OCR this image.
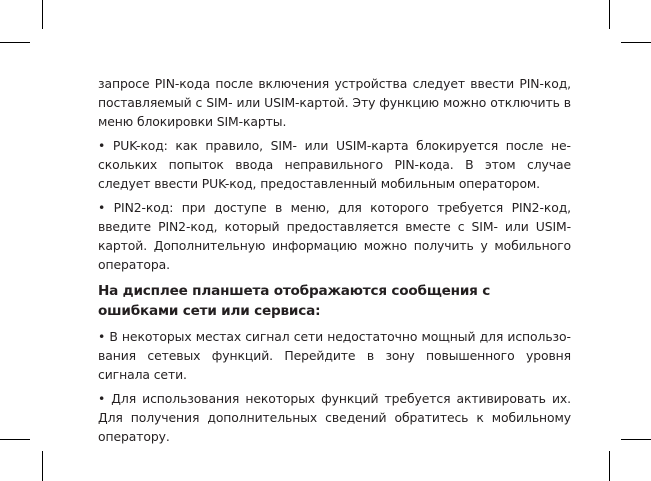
запросе PIN-кода после включения устройства следует ввести PIN-код, поставляемый с SIM- или USIM-картой. Эту функцию можно отключить в меню блокировки SIM-карты.

• PUK-код: как правило, SIM- или USIM-карта блокируется после нескольких попыток ввода неправильного PIN-кода. В этом случае следует ввести PUK-код, предоставленный мобильным оператором.

• PIN2-код: при доступе в меню, для которого требуется PIN2-код, введите PIN2-код, который предоставляется вместе с SIM- или USIM-картой. Дополнительную информацию можно получить у мобильного оператора.

На дисплее планшета отображаются сообщения с ошибками сети или сервиса:

• В некоторых местах сигнал сети недостаточно мощный для использования сетевых функций. Перейдите в зону повышенного уровня сигнала сети.

• Для использования некоторых функций требуется активировать их. Для получения дополнительных сведений обратитесь к мобильному оператору.
